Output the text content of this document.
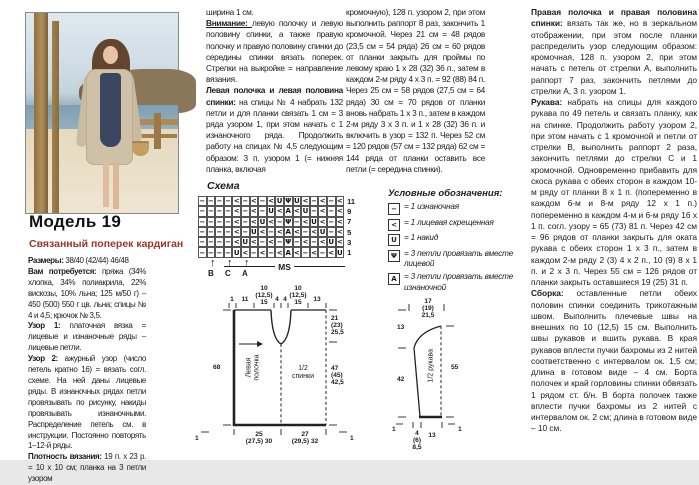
Модель 19
Связанный поперек кардиган

Размеры: 38/40 (42/44) 46/48

Вам потребуется: пряжа (34% хлопка, 34% полиакрила, 22% вискозы, 10% льна; 125 м/50 г) – 450 (500) 550 г цв. льна; спицы № 4 и 4,5; крючок № 3,5.

Узор 1: платочная вязка = лицевые и изнаночные ряды – лицевые петли.

Узор 2: ажурный узор (число петель кратно 16) = вязать согл. схеме. На ней даны лицевые ряды. В изнаночных рядах петли провязывать по рисунку, накиды провязывать изнаночными. Распределение петель см. в инструкции. Постоянно повторять 1–12-й ряды.

Плотность вязания: 19 п. х 23 р. = 10 х 10 см; планка на 3 петли узором

ширина 1 см.

Внимание: левую полочку и левую половину спинки, а также правую полочку и правую половину спинки до середины спинки вязать поперек. Стрелки на выкройке = направление вязания.

Левая полочка и левая половина спинки: на спицы № 4 набрать 132 петли и для планки связать 1 см = 3 ряда узором 1, при этом начать с 1 изнаночного ряда. Продолжить работу на спицах № 4,5 следующим образом: 3 п. узором 1 (= нижняя планка, включая

кромочную), 128 п. узором 2, при этом выполнить раппорт 8 раз, закончить 1 кромочной. Через 21 см = 48 рядов (23,5 см = 54 ряда) 26 см = 60 рядов от планки закрыть для проймы по левому краю 1 х 28 (32) 36 п., затем в каждом 2-м ряду 4 х 3 п. = 92 (88) 84 п. Через 25 см = 58 рядов (27,5 см = 64 ряда) 30 см = 70 рядов от планки вновь набрать 1 х 3 п., затем в каждом 2-м ряду 3 х 3 п. и 1 х 28 (32) 36 п. и включить в узор = 132 п. Через 52 см = 120 рядов (57 см = 132 ряда) 62 см = 144 ряда от планки оставить все петли (= середина спинки).

Правая полочка и правая половина спинки: вязать так же, но в зеркальном отображении, при этом после планки распределить узор следующим образом: кромочная, 128 п. узором 2, при этом начать с петель от стрелки А, выполнить раппорт 7 раз, закончить петлями до стрелки А, 3 п. узором 1.

Рукава: набрать на спицы для каждого рукава по 49 петель и связать планку, как на спинке. Продолжить работу узором 2, при этом начать с 1 кромочной и петли от стрелки В, выполнить раппорт 2 раза, закончить петлями до стрелки С и 1 кромочной. Одновременно прибавить для скоса рукава с обеих сторон в каждом 10-м ряду от планки 8 х 1 п. (попеременно в каждом 6-м и 8-м ряду 12 х 1 п.) попеременно в каждом 4-м и 6-м ряду 16 х 1 п. согл. узору = 65 (73) 81 п. Через 42 см = 96 рядов от планки закрыть для оката рукава с обеих сторон 1 х 3 п., затем в каждом 2-м ряду 2 (3) 4 х 2 п., 10 (9) 8 х 1 п. и 2 х 3 п. Через 55 см = 126 рядов от планки закрыть оставшиеся 19 (25) 31 п.

Сборка: оставленные петли обеих половин спинки соединить трикотажным швом. Выполнить плечевые швы на внешних по 10 (12,5) 15 см. Выполнить швы рукавов и вшить рукава. В края рукавов вплести пучки бахромы из 2 нитей соответственно с интервалом ок. 1,5 см; длина в готовом виде – 4 см. Борта полочек и край горловины спинки обвязать 1 рядом ст. б/н. В борта полочек также вплести пучки бахромы из 2 нитей с интервалом ок. 2 см; длина в готовом виде – 10 см.

Схема
− − − − < − < − < U Ψ U < − < − < 11
− − − − < − < − U < A < U − < − < 9
− − − − < − < U < − Ψ − < U < − < 7
− − − − < − U < − < A < − < U − < 5
− − − − < U < − < − Ψ − < − < U < 3
− − − − U < − < − < A < − < − < U 1
↑ ↑ ↑
B C A
MS
Условные обозначения:
− = 1 изнаночная
< = 1 лицевая скрещенная
U = 1 накид
Ψ = 3 петли провязать вместе лицевой
A = 3 петли провязать вместе изнаночной
1 11
10
(12,5)
15	4 4
10
(12,5)
15	13
68
21
(23)
25,5
47
(45)
42,5
Левая полочка	1/2
спинки
25
(27,5) 30
27
(29,5) 32
1	1
17
(19)
21,5
13
42
55
1/2 рукава
4
(6)
8,5
13
1	1
